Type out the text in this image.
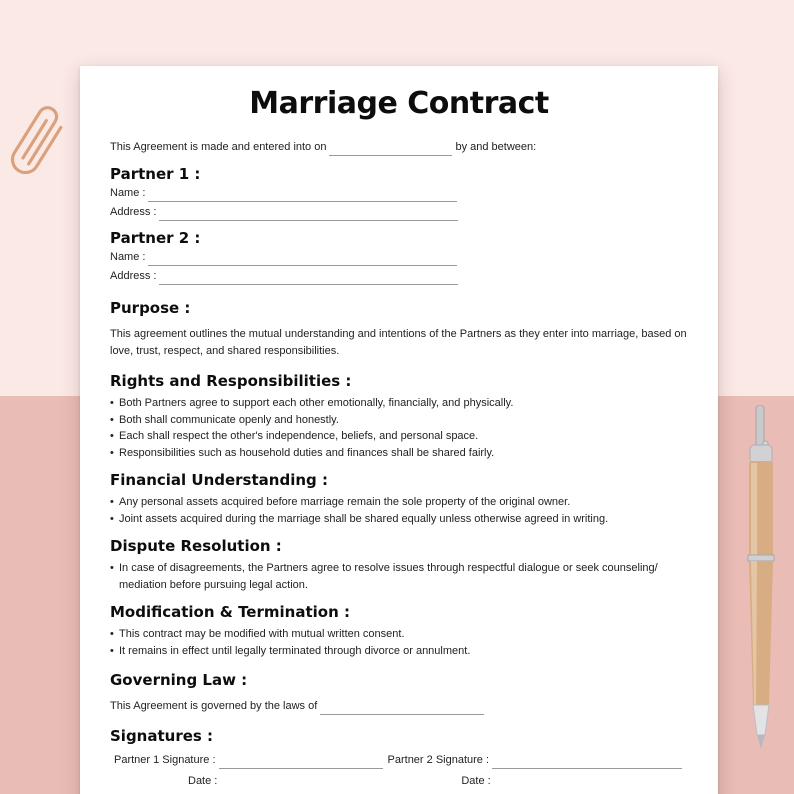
Marriage Contract
This Agreement is made and entered into on	by and between:
Partner 1 :
Name :
Address :
Partner 2 :
Name :
Address :
Purpose :

This agreement outlines the mutual understanding and intentions of the Partners as they enter into marriage, based on love, trust, respect, and shared responsibilities.

Rights and Responsibilities :
• Both Partners agree to support each other emotionally, financially, and physically.
• Both shall communicate openly and honestly.
• Each shall respect the other's independence, beliefs, and personal space.
• Responsibilities such as household duties and finances shall be shared fairly.
Financial Understanding :
• Any personal assets acquired before marriage remain the sole property of the original owner.
• Joint assets acquired during the marriage shall be shared equally unless otherwise agreed in writing.
Dispute Resolution :
• In case of disagreements, the Partners agree to resolve issues through respectful dialogue or seek counseling/ mediation before pursuing legal action.
Modification & Termination :
• This contract may be modified with mutual written consent.
• It remains in effect until legally terminated through divorce or annulment.
Governing Law :
This Agreement is governed by the laws of
Signatures :
Partner 1 Signature :	Partner 2 Signature :
Date :	Date :
